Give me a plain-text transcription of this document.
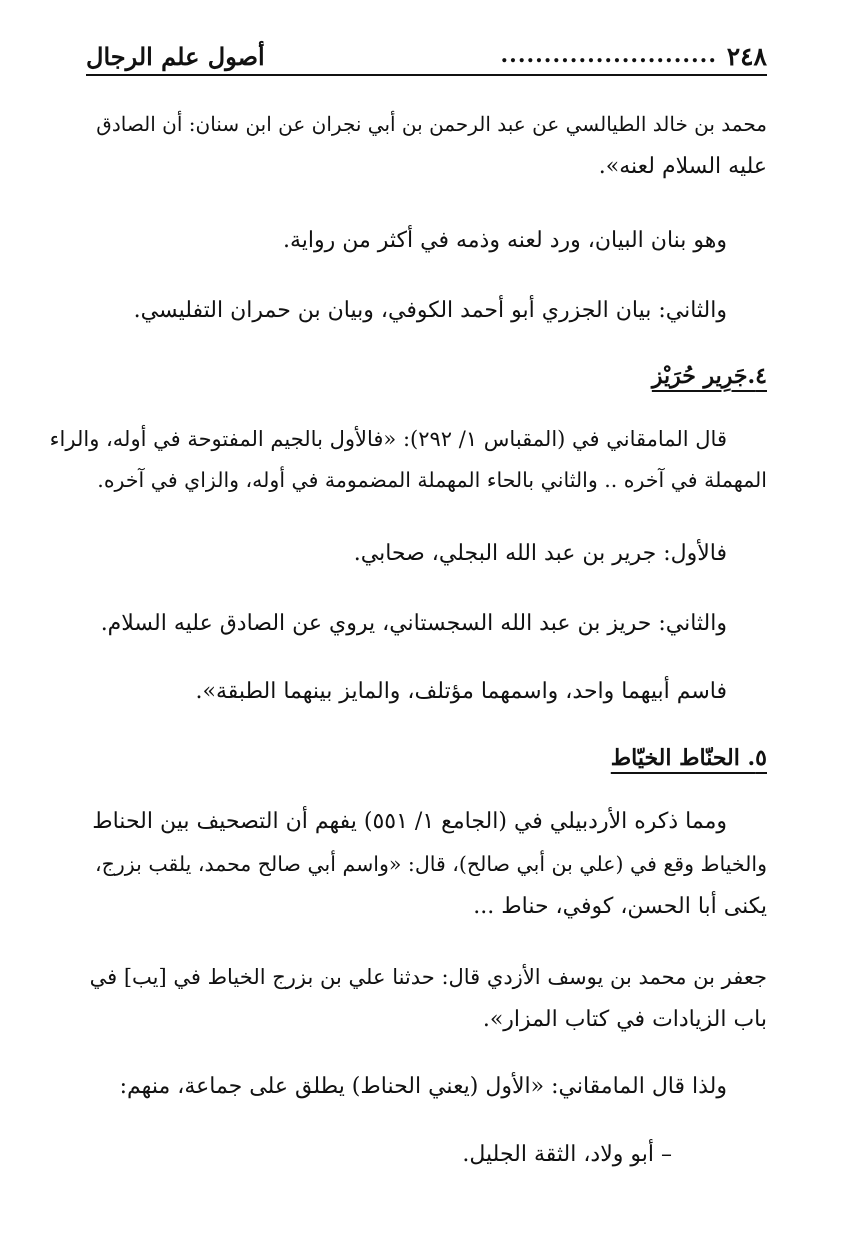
٢٤٨
.........................
أصول علم الرجال

محمد بن خالد الطيالسي عن عبد الرحمن بن أبي نجران عن ابن سنان: أن الصادق

عليه السلام لعنه».

وهو بنان البيان، ورد لعنه وذمه في أكثر من رواية.

والثاني: بيان الجزري أبو أحمد الكوفي، وبيان بن حمران التفليسي.

٤.جَرِير حُرَيْز

قال المامقاني في (المقباس ١/ ٢٩٢): «فالأول بالجيم المفتوحة في أوله، والراء

المهملة في آخره .. والثاني بالحاء المهملة المضمومة في أوله، والزاي في آخره.

فالأول: جرير بن عبد الله البجلي، صحابي.

والثاني: حريز بن عبد الله السجستاني، يروي عن الصادق عليه السلام.

فاسم أبيهما واحد، واسمهما مؤتلف، والمايز بينهما الطبقة».

٥. الحنّاط الخيّاط

ومما ذكره الأردبيلي في (الجامع ١/ ٥٥١) يفهم أن التصحيف بين الحناط

والخياط وقع في (علي بن أبي صالح)، قال: «واسم أبي صالح محمد، يلقب بزرج،

يكنى أبا الحسن، كوفي، حناط ...

جعفر بن محمد بن يوسف الأزدي قال: حدثنا علي بن بزرج الخياط في [يب] في

باب الزيادات في كتاب المزار».

ولذا قال المامقاني: «الأول (يعني الحناط) يطلق على جماعة، منهم:

– أبو ولاد، الثقة الجليل.
